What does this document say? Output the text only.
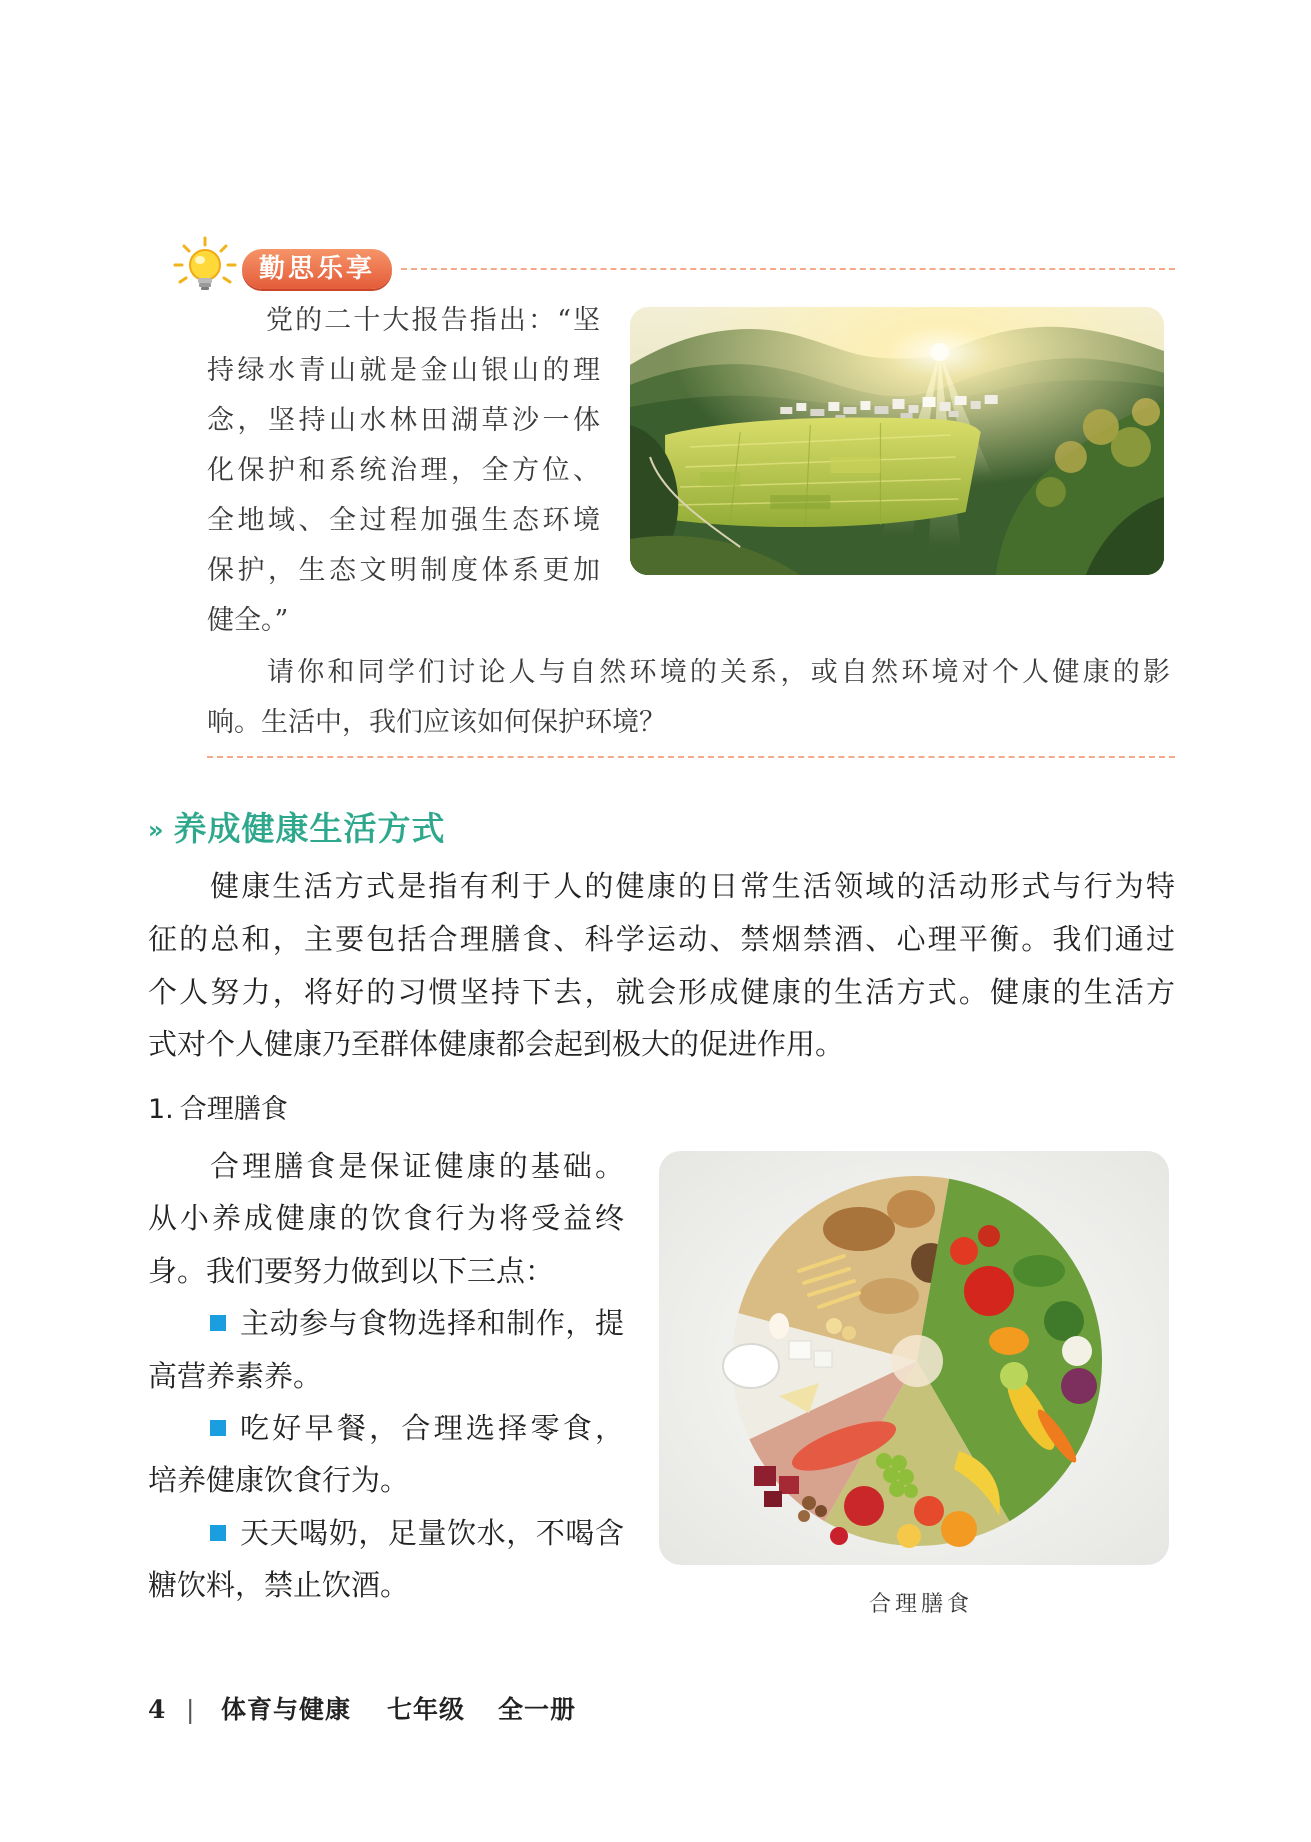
勤思乐享
党的二十大报告指出：“坚
持绿水青山就是金山银山的理
念，坚持山水林田湖草沙一体
化保护和系统治理，全方位、
全地域、全过程加强生态环境
保护，生态文明制度体系更加
健全。”
请你和同学们讨论人与自然环境的关系，或自然环境对个人健康的影
响。生活中，我们应该如何保护环境？
» 养成健康生活方式
健康生活方式是指有利于人的健康的日常生活领域的活动形式与行为特
征的总和，主要包括合理膳食、科学运动、禁烟禁酒、心理平衡。我们通过
个人努力，将好的习惯坚持下去，就会形成健康的生活方式。健康的生活方
式对个人健康乃至群体健康都会起到极大的促进作用。
1. 合理膳食
合理膳食是保证健康的基础。
从小养成健康的饮食行为将受益终
身。我们要努力做到以下三点：
主动参与食物选择和制作，提
高营养素养。
吃好早餐，合理选择零食，
培养健康饮食行为。
天天喝奶，足量饮水，不喝含
糖饮料，禁止饮酒。
合理膳食
4 | 体育与健康 七年级 全一册
